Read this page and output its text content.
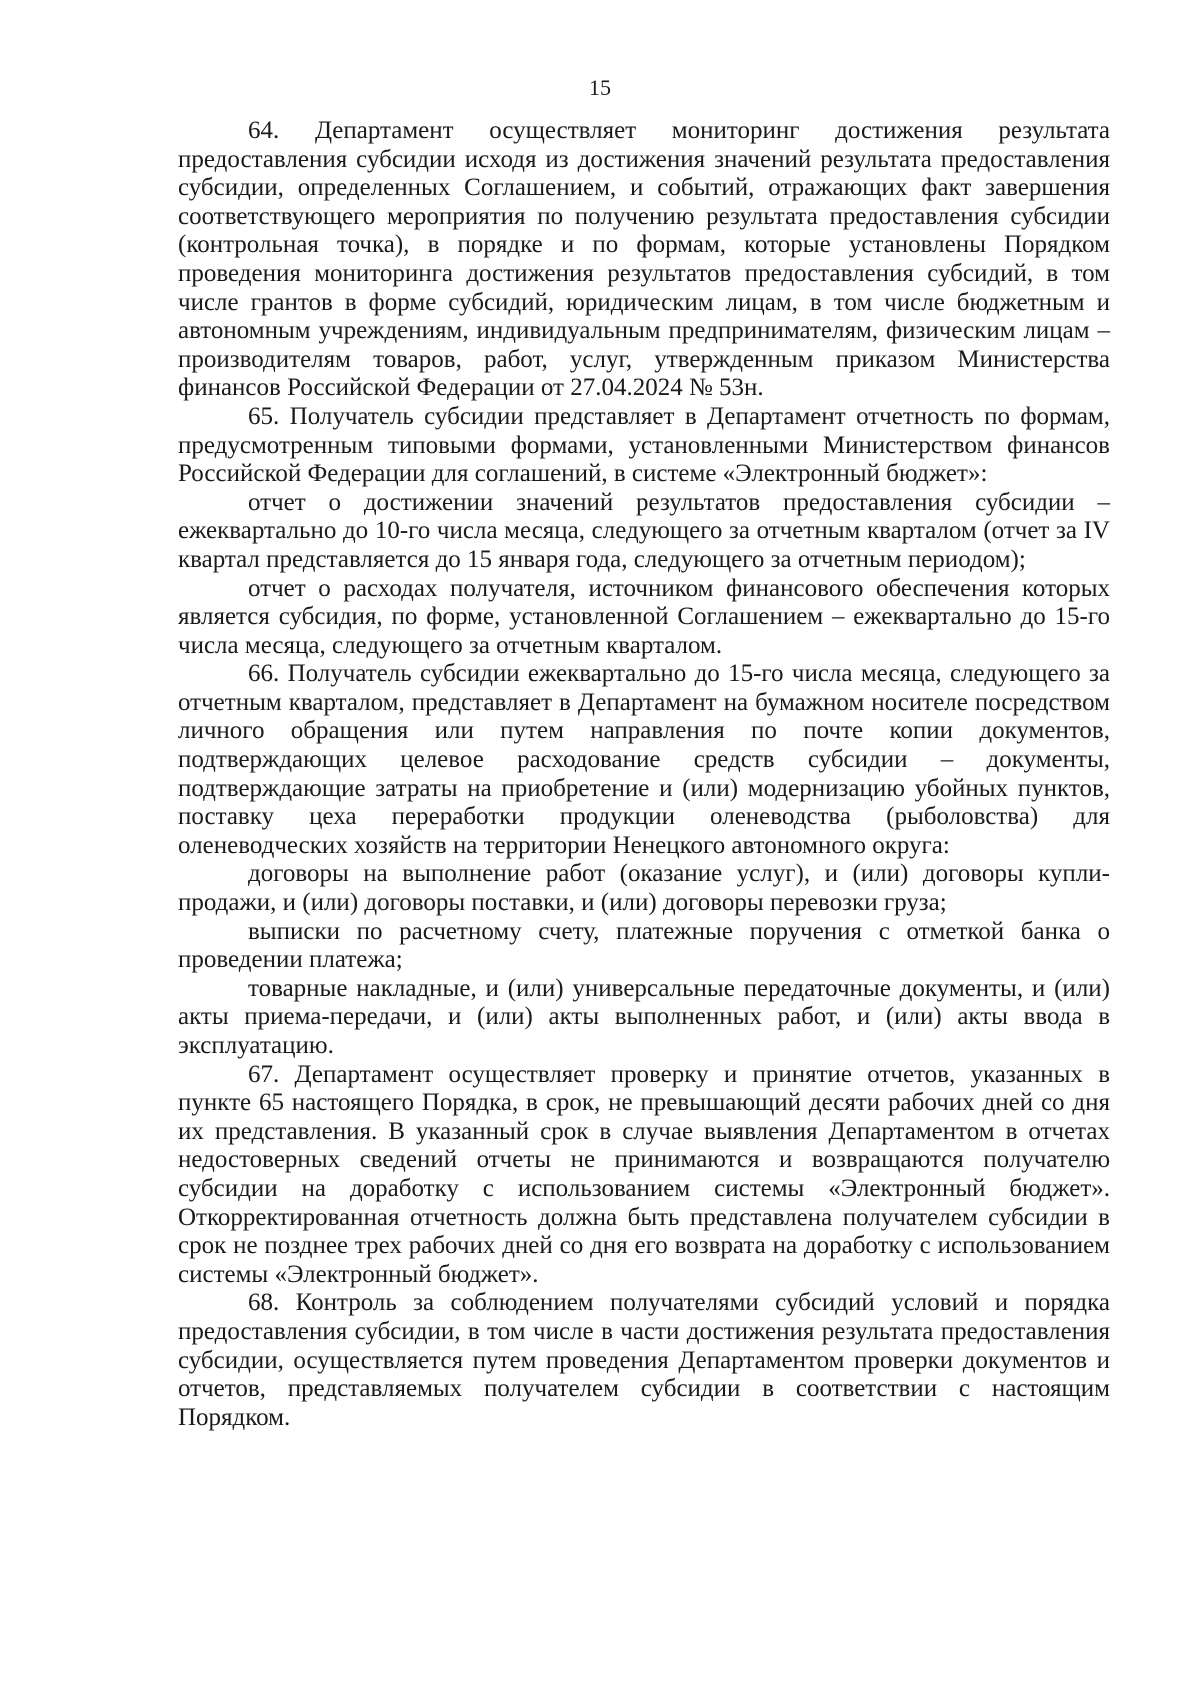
15

64. Департамент осуществляет мониторинг достижения результата предоставления субсидии исходя из достижения значений результата предоставления субсидии, определенных Соглашением, и событий, отражающих факт завершения соответствующего мероприятия по получению результата предоставления субсидии (контрольная точка), в порядке и по формам, которые установлены Порядком проведения мониторинга достижения результатов предоставления субсидий, в том числе грантов в форме субсидий, юридическим лицам, в том числе бюджетным и автономным учреждениям, индивидуальным предпринимателям, физическим лицам – производителям товаров, работ, услуг, утвержденным приказом Министерства финансов Российской Федерации от 27.04.2024 № 53н.

65. Получатель субсидии представляет в Департамент отчетность по формам, предусмотренным типовыми формами, установленными Министерством финансов Российской Федерации для соглашений, в системе «Электронный бюджет»:

отчет о достижении значений результатов предоставления субсидии – ежеквартально до 10-го числа месяца, следующего за отчетным кварталом (отчет за IV квартал представляется до 15 января года, следующего за отчетным периодом);

отчет о расходах получателя, источником финансового обеспечения которых является субсидия, по форме, установленной Соглашением – ежеквартально до 15-го числа месяца, следующего за отчетным кварталом.

66. Получатель субсидии ежеквартально до 15-го числа месяца, следующего за отчетным кварталом, представляет в Департамент на бумажном носителе посредством личного обращения или путем направления по почте копии документов, подтверждающих целевое расходование средств субсидии – документы, подтверждающие затраты на приобретение и (или) модернизацию убойных пунктов, поставку цеха переработки продукции оленеводства (рыболовства) для оленеводческих хозяйств на территории Ненецкого автономного округа:

договоры на выполнение работ (оказание услуг), и (или) договоры купли-продажи, и (или) договоры поставки, и (или) договоры перевозки груза;

выписки по расчетному счету, платежные поручения с отметкой банка о проведении платежа;

товарные накладные, и (или) универсальные передаточные документы, и (или) акты приема-передачи, и (или) акты выполненных работ, и (или) акты ввода в эксплуатацию.

67. Департамент осуществляет проверку и принятие отчетов, указанных в пункте 65 настоящего Порядка, в срок, не превышающий десяти рабочих дней со дня их представления. В указанный срок в случае выявления Департаментом в отчетах недостоверных сведений отчеты не принимаются и возвращаются получателю субсидии на доработку с использованием системы «Электронный бюджет». Откорректированная отчетность должна быть представлена получателем субсидии в срок не позднее трех рабочих дней со дня его возврата на доработку с использованием системы «Электронный бюджет».

68. Контроль за соблюдением получателями субсидий условий и порядка предоставления субсидии, в том числе в части достижения результата предоставления субсидии, осуществляется путем проведения Департаментом проверки документов и отчетов, представляемых получателем субсидии в соответствии с настоящим Порядком.
